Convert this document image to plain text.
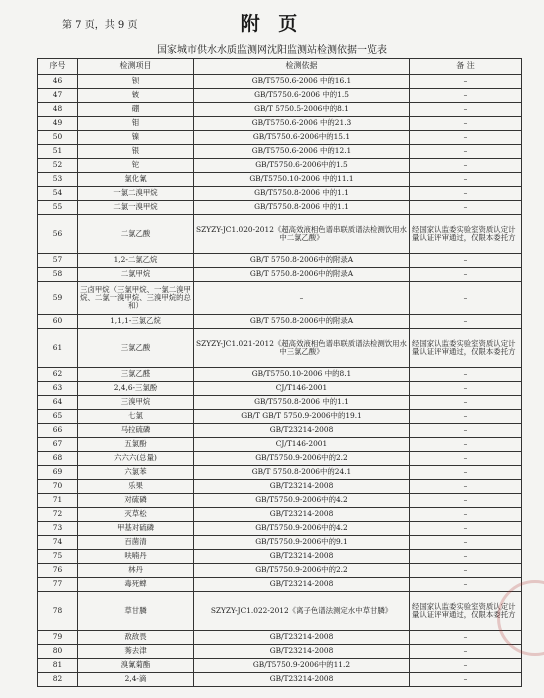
第 7 页，共 9 页	附 页
国家城市供水水质监测网沈阳监测站检测依据一览表
序号	检测项目	检测依据	备 注
46	钡	GB/T5750.6-2006 中的16.1	–
47	铍	GB/T5750.6-2006 中的1.5	–
48	硼	GB/T 5750.5-2006中的8.1	–
49	钼	GB/T5750.6-2006 中的21.3	–
50	镍	GB/T5750.6-2006中的15.1	–
51	银	GB/T5750.6-2006 中的12.1	–
52	铊	GB/T5750.6-2006中的1.5	–
53	氯化氰	GB/T5750.10-2006 中的11.1	–
54	一氯二溴甲烷	GB/T5750.8-2006 中的1.1	–
55	二氯一溴甲烷	GB/T5750.8-2006 中的1.1	–
56	二氯乙酸	SZYZY-JC1.020-2012《超高效液相色谱串联质谱法检测饮用水中二氯乙酸》	经国家认监委实验室资质认定计量认证评审通过，仅限本委托方
57	1,2-二氯乙烷	GB/T 5750.8-2006中的附录A	–
58	二氯甲烷	GB/T 5750.8-2006中的附录A	–
59	三卤甲烷（三氯甲烷、一氯二溴甲烷、二氯一溴甲烷、三溴甲烷的总和）	–	–
60	1,1,1-三氯乙烷	GB/T 5750.8-2006中的附录A	–
61	三氯乙酸	SZYZY-JC1.021-2012《超高效液相色谱串联质谱法检测饮用水中三氯乙酸》	经国家认监委实验室资质认定计量认证评审通过，仅限本委托方
62	三氯乙醛	GB/T5750.10-2006 中的8.1	–
63	2,4,6-三氯酚	CJ/T146-2001	–
64	三溴甲烷	GB/T5750.8-2006 中的1.1	–
65	七氯	GB/T GB/T 5750.9-2006中的19.1	–
66	马拉硫磷	GB/T23214-2008	–
67	五氯酚	CJ/T146-2001	–
68	六六六(总量)	GB/T5750.9-2006中的2.2	–
69	六氯苯	GB/T 5750.8-2006中的24.1	–
70	乐果	GB/T23214-2008	–
71	对硫磷	GB/T5750.9-2006中的4.2	–
72	灭草松	GB/T23214-2008	–
73	甲基对硫磷	GB/T5750.9-2006中的4.2	–
74	百菌清	GB/T5750.9-2006中的9.1	–
75	呋喃丹	GB/T23214-2008	–
76	林丹	GB/T5750.9-2006中的2.2	–
77	毒死蜱	GB/T23214-2008	–
78	草甘膦	SZYZY-JC1.022-2012《离子色谱法测定水中草甘膦》	经国家认监委实验室资质认定计量认证评审通过，仅限本委托方
79	敌敌畏	GB/T23214-2008	–
80	莠去津	GB/T23214-2008	–
81	溴氰菊酯	GB/T5750.9-2006中的11.2	–
82	2,4-滴	GB/T23214-2008	–
